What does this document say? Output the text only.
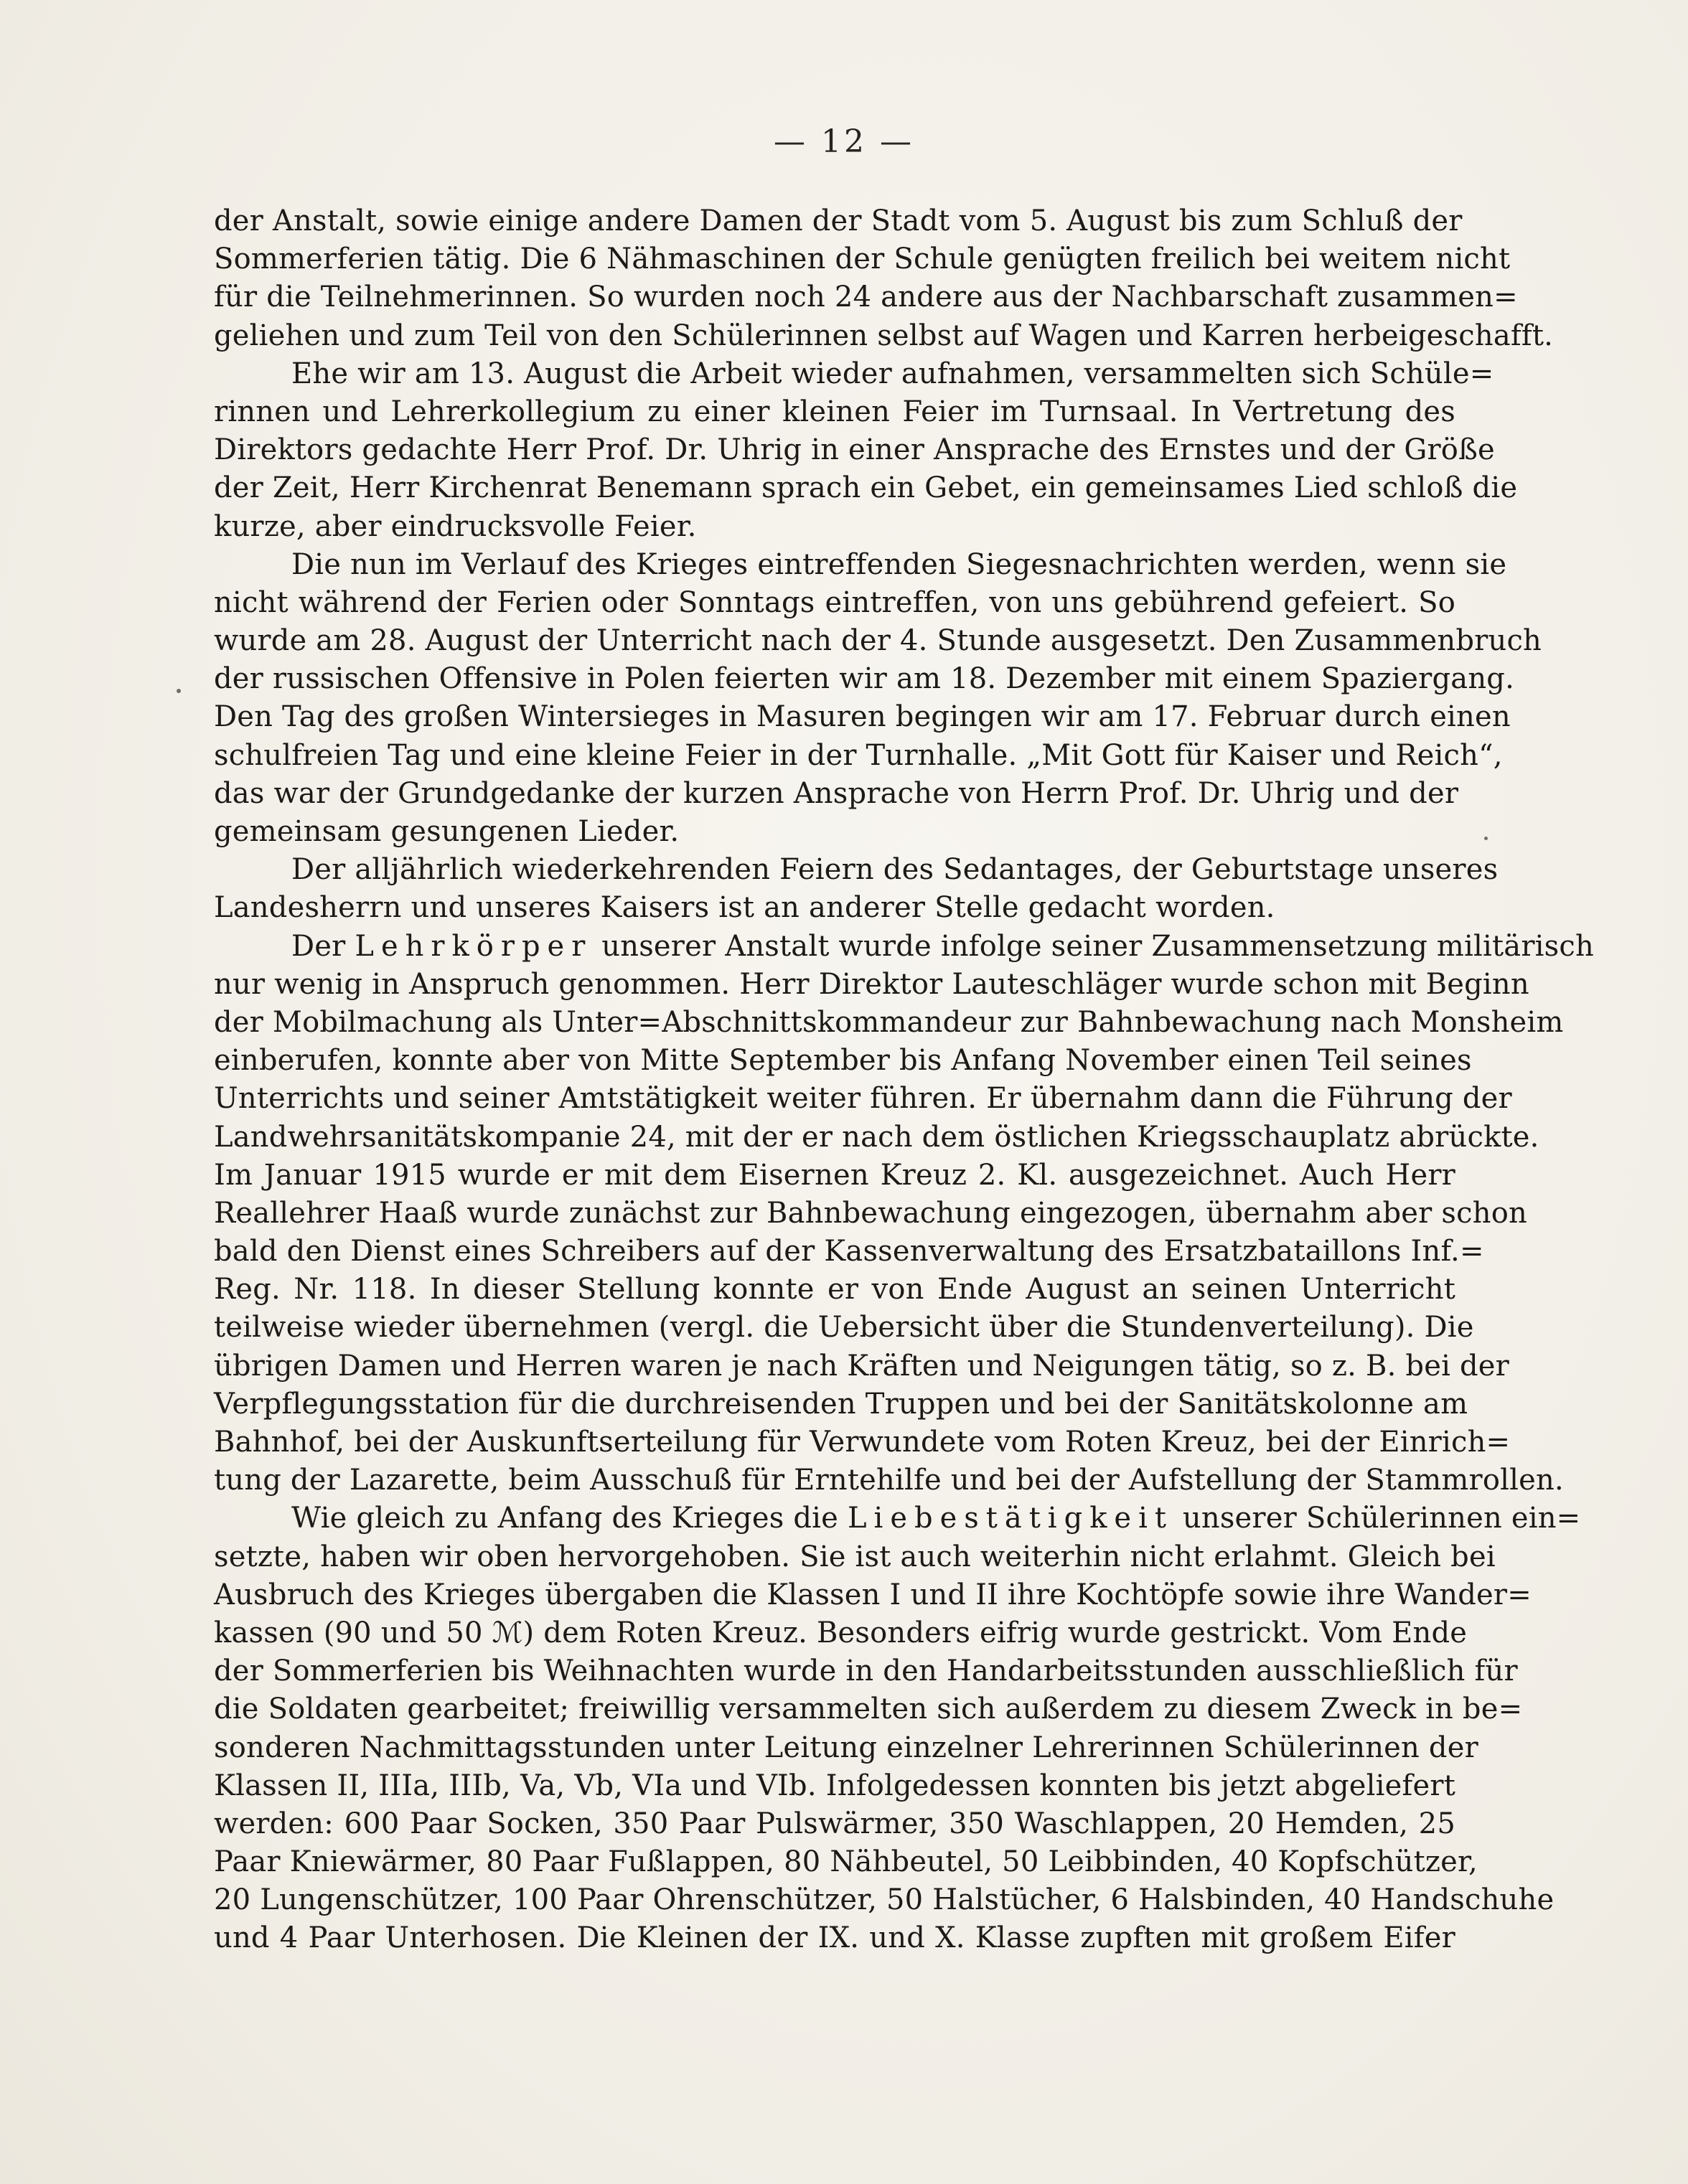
— 12 —
der Anstalt, sowie einige andere Damen der Stadt vom 5. August bis zum Schluß der
Sommerferien tätig. Die 6 Nähmaschinen der Schule genügten freilich bei weitem nicht
für die Teilnehmerinnen. So wurden noch 24 andere aus der Nachbarschaft zusammen=
geliehen und zum Teil von den Schülerinnen selbst auf Wagen und Karren herbeigeschafft.
Ehe wir am 13. August die Arbeit wieder aufnahmen, versammelten sich Schüle=
rinnen und Lehrerkollegium zu einer kleinen Feier im Turnsaal. In Vertretung des
Direktors gedachte Herr Prof. Dr. Uhrig in einer Ansprache des Ernstes und der Größe
der Zeit, Herr Kirchenrat Benemann sprach ein Gebet, ein gemeinsames Lied schloß die
kurze, aber eindrucksvolle Feier.
Die nun im Verlauf des Krieges eintreffenden Siegesnachrichten werden, wenn sie
nicht während der Ferien oder Sonntags eintreffen, von uns gebührend gefeiert. So
wurde am 28. August der Unterricht nach der 4. Stunde ausgesetzt. Den Zusammenbruch
der russischen Offensive in Polen feierten wir am 18. Dezember mit einem Spaziergang.
Den Tag des großen Wintersieges in Masuren begingen wir am 17. Februar durch einen
schulfreien Tag und eine kleine Feier in der Turnhalle. „Mit Gott für Kaiser und Reich“,
das war der Grundgedanke der kurzen Ansprache von Herrn Prof. Dr. Uhrig und der
gemeinsam gesungenen Lieder.
Der alljährlich wiederkehrenden Feiern des Sedantages, der Geburtstage unseres
Landesherrn und unseres Kaisers ist an anderer Stelle gedacht worden.
Der Lehrkörper unserer Anstalt wurde infolge seiner Zusammensetzung militärisch
nur wenig in Anspruch genommen. Herr Direktor Lauteschläger wurde schon mit Beginn
der Mobilmachung als Unter=Abschnittskommandeur zur Bahnbewachung nach Monsheim
einberufen, konnte aber von Mitte September bis Anfang November einen Teil seines
Unterrichts und seiner Amtstätigkeit weiter führen. Er übernahm dann die Führung der
Landwehrsanitätskompanie 24, mit der er nach dem östlichen Kriegsschauplatz abrückte.
Im Januar 1915 wurde er mit dem Eisernen Kreuz 2. Kl. ausgezeichnet. Auch Herr
Reallehrer Haaß wurde zunächst zur Bahnbewachung eingezogen, übernahm aber schon
bald den Dienst eines Schreibers auf der Kassenverwaltung des Ersatzbataillons Inf.=
Reg. Nr. 118. In dieser Stellung konnte er von Ende August an seinen Unterricht
teilweise wieder übernehmen (vergl. die Uebersicht über die Stundenverteilung). Die
übrigen Damen und Herren waren je nach Kräften und Neigungen tätig, so z. B. bei der
Verpflegungsstation für die durchreisenden Truppen und bei der Sanitätskolonne am
Bahnhof, bei der Auskunftserteilung für Verwundete vom Roten Kreuz, bei der Einrich=
tung der Lazarette, beim Ausschuß für Erntehilfe und bei der Aufstellung der Stammrollen.
Wie gleich zu Anfang des Krieges die Liebestätigkeit unserer Schülerinnen ein=
setzte, haben wir oben hervorgehoben. Sie ist auch weiterhin nicht erlahmt. Gleich bei
Ausbruch des Krieges übergaben die Klassen I und II ihre Kochtöpfe sowie ihre Wander=
kassen (90 und 50 ℳ) dem Roten Kreuz. Besonders eifrig wurde gestrickt. Vom Ende
der Sommerferien bis Weihnachten wurde in den Handarbeitsstunden ausschließlich für
die Soldaten gearbeitet; freiwillig versammelten sich außerdem zu diesem Zweck in be=
sonderen Nachmittagsstunden unter Leitung einzelner Lehrerinnen Schülerinnen der
Klassen II, IIIa, IIIb, Va, Vb, VIa und VIb. Infolgedessen konnten bis jetzt abgeliefert
werden: 600 Paar Socken, 350 Paar Pulswärmer, 350 Waschlappen, 20 Hemden, 25
Paar Kniewärmer, 80 Paar Fußlappen, 80 Nähbeutel, 50 Leibbinden, 40 Kopfschützer,
20 Lungenschützer, 100 Paar Ohrenschützer, 50 Halstücher, 6 Halsbinden, 40 Handschuhe
und 4 Paar Unterhosen. Die Kleinen der IX. und X. Klasse zupften mit großem Eifer
